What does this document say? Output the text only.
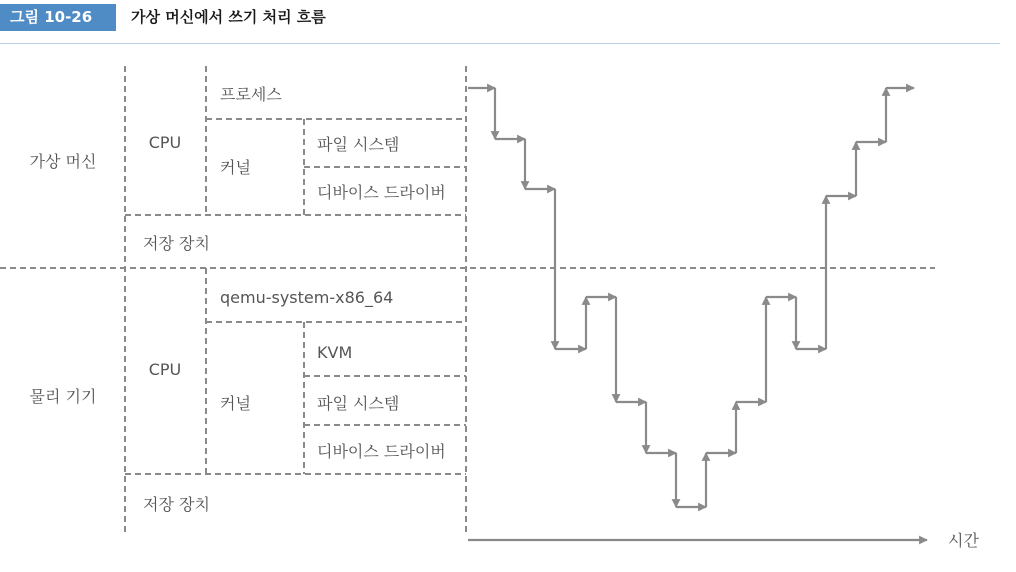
그림 10-26	가상 머신에서 쓰기 처리 흐름
가상 머신
CPU
프로세스
커널
파일 시스템
디바이스 드라이버
저장 장치
물리 기기
CPU
qemu-system-x86_64
커널
KVM
파일 시스템
디바이스 드라이버
저장 장치
시간
